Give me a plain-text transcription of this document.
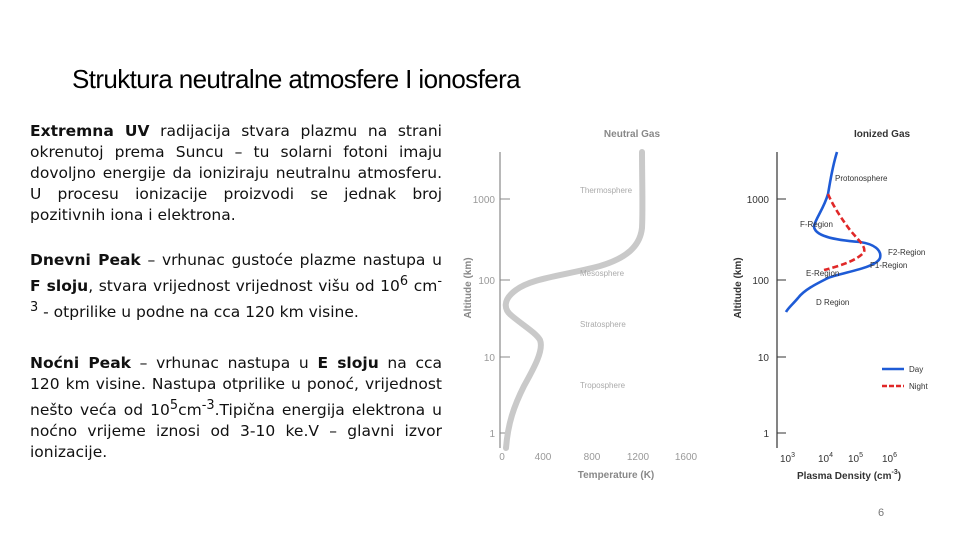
Struktura neutralne atmosfere I ionosfera
Extremna UV radijacija stvara plazmu na strani okrenutoj prema Suncu – tu solarni fotoni imaju dovoljno energije da ioniziraju neutralnu atmosferu. U procesu ionizacije proizvodi se jednak broj pozitivnih iona i elektrona.
Dnevni Peak – vrhunac gustoće plazme nastupa u F sloju, stvara vrijednost vrijednost višu od $10^6$ $cm^{-3}$ - otprilike u podne na cca 120 km visine.
Noćni Peak – vrhunac nastupa u E sloju na cca 120 km visine. Nastupa otprilike u ponoć, vrijednost nešto veća od $10^5cm^{-3}.Tipična$ energija elektrona u noćno vrijeme iznosi od 3-10 ke.V – glavni izvor ionizacije.
Neutral Gas
Altitude (km)
1000
100
10
1
0	400	800	1200	1600
Temperature (K)
Thermosphere
Mesosphere
Stratosphere
Troposphere
Ionized Gas
Altitude (km)
1000
100
10
1
$10^3$ $10^4$ $10^5$ $10^6$
Plasma Density $(cm^{-3})$
Protonosphere
F-Region
F2-Region
F1-Region
E-Region
D Region
Day
Night
6
